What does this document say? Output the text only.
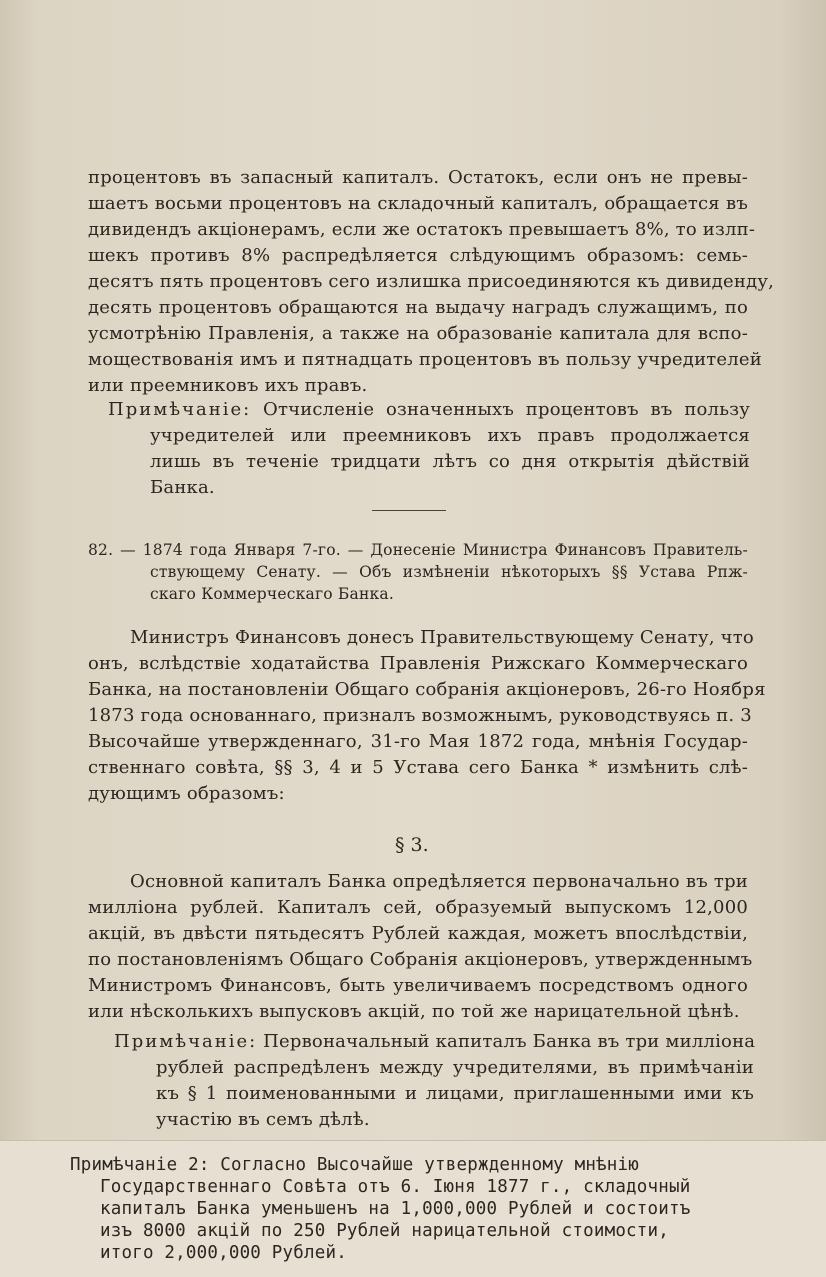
процентовъ въ запасный капиталъ. Остатокъ, если онъ не превы-
шаетъ восьми процентовъ на складочный капиталъ, обращается въ
дивидендъ акціонерамъ, если же остатокъ превышаетъ 8%, то излп-
шекъ противъ 8% распредѣляется слѣдующимъ образомъ: семь-
десятъ пять процентовъ сего излишка присоединяются къ дивиденду,
десять процентовъ обращаются на выдачу наградъ служащимъ, по
усмотрѣнію Правленія, а также на образованіе капитала для вспо-
моществованія имъ и пятнадцать процентовъ въ пользу учредителей
или преемниковъ ихъ правъ.
Примѣчаніе: Отчисленіе означенныхъ процентовъ въ пользу
учредителей или преемниковъ ихъ правъ продолжается
лишь въ теченіе тридцати лѣтъ со дня открытія дѣйствій
Банка.
82. — 1874 года Января 7-го. — Донесеніе Министра Финансовъ Правитель-
ствующему Сенату. — Объ измѣненіи нѣкоторыхъ §§ Устава Рпж-
скаго Коммерческаго Банка.
Министръ Финансовъ донесъ Правительствующему Сенату, что
онъ, вслѣдствіе ходатайства Правленія Рижскаго Коммерческаго
Банка, на постановленіи Общаго собранія акціонеровъ, 26-го Ноября
1873 года основаннаго, призналъ возможнымъ, руководствуясь п. 3
Высочайше утвержденнаго, 31-го Мая 1872 года, мнѣнія Государ-
ственнаго совѣта, §§ 3, 4 и 5 Устава сего Банка * измѣнить слѣ-
дующимъ образомъ:
§ 3.
Основной капиталъ Банка опредѣляется первоначально въ три
милліона рублей. Капиталъ сей, образуемый выпускомъ 12,000
акцій, въ двѣсти пятьдесятъ Рублей каждая, можетъ впослѣдствіи,
по постановленіямъ Общаго Собранія акціонеровъ, утвержденнымъ
Министромъ Финансовъ, быть увеличиваемъ посредствомъ одного
или нѣсколькихъ выпусковъ акцій, по той же нарицательной цѣнѣ.
Примѣчаніе: Первоначальный капиталъ Банка въ три милліона
рублей распредѣленъ между учредителями, въ примѣчаніи
къ § 1 поименованными и лицами, приглашенными ими къ
участію въ семъ дѣлѣ.
Примѣчаніе 2: Согласно Высочайше утвержденному мнѣнію
Государственнаго Совѣта отъ 6. Іюня 1877 г., складочный
капиталъ Банка уменьшенъ на 1,000,000 Рублей и состоитъ
изъ 8000 акцій по 250 Рублей нарицательной стоимости,
итого 2,000,000 Рублей.
